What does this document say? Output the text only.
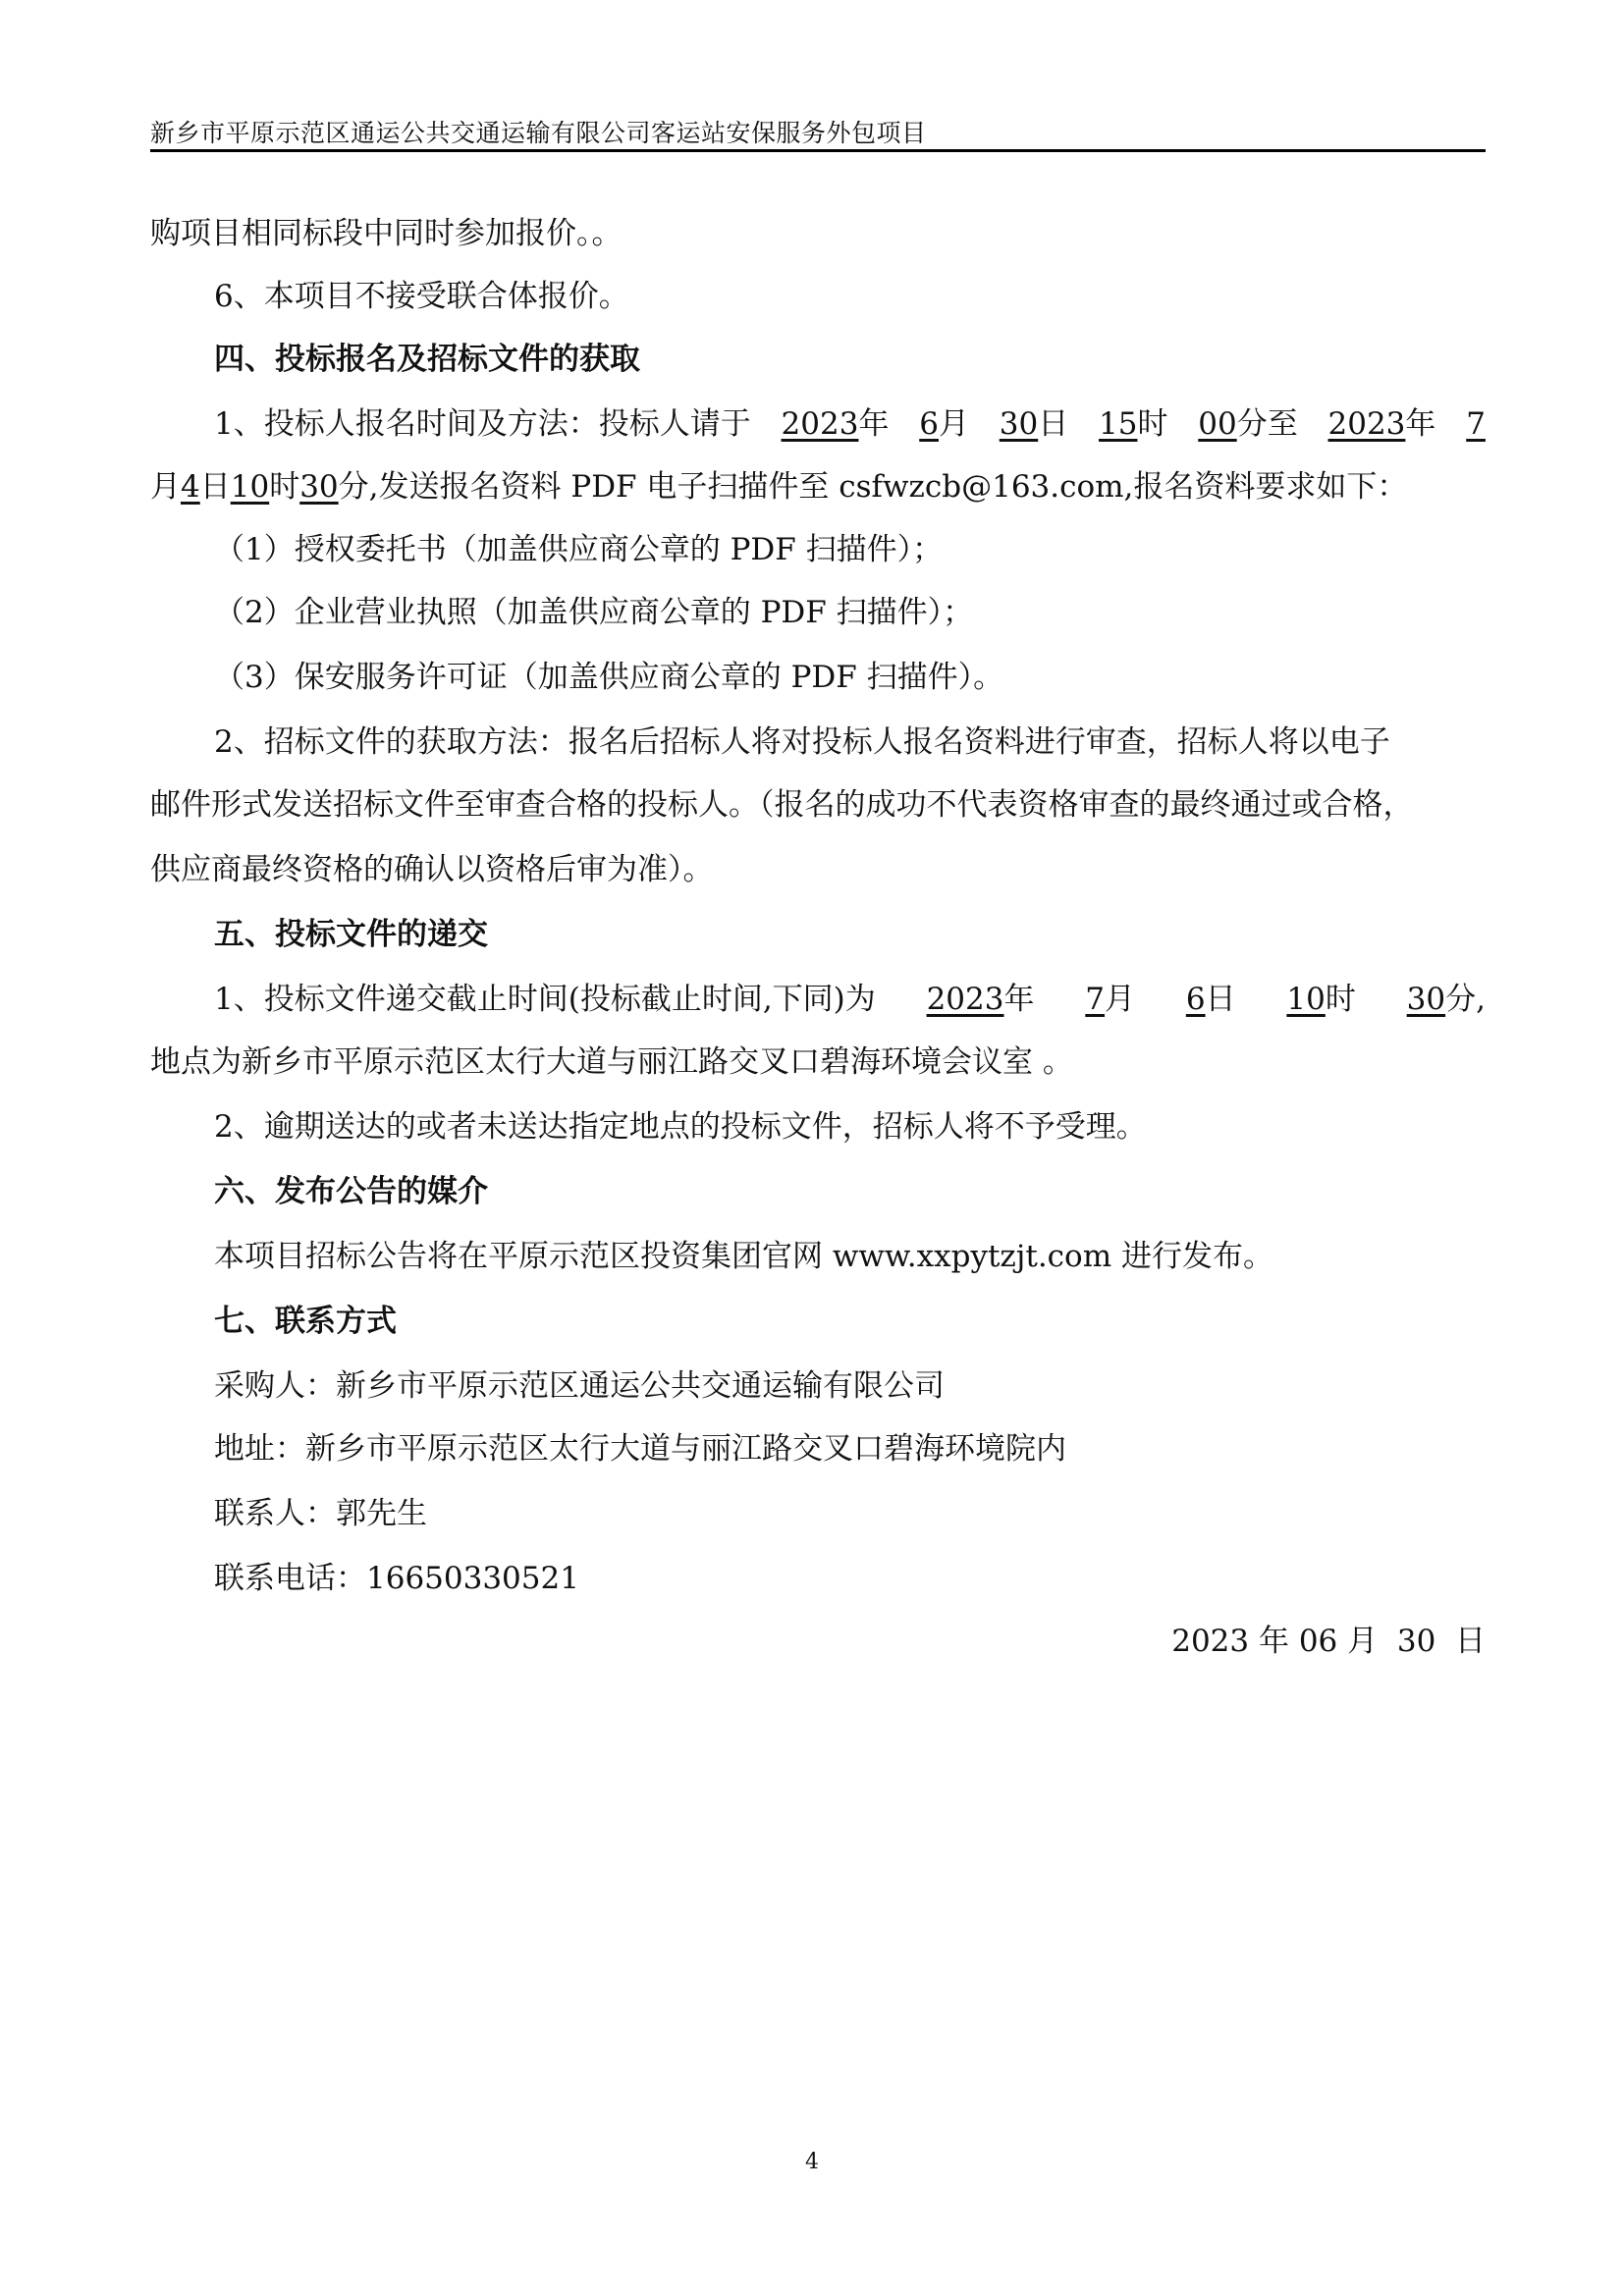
新乡市平原示范区通运公共交通运输有限公司客运站安保服务外包项目
购项目相同标段中同时参加报价。。
6、本项目不接受联合体报价。
四、投标报名及招标文件的获取
1、投标人报名时间及方法：投标人请于 2023年 6月 30日 15时 00分至 2023年 7
月4日10时30分,发送报名资料 PDF 电子扫描件至 csfwzcb@163.com,报名资料要求如下：
（1）授权委托书（加盖供应商公章的 PDF 扫描件）；
（2）企业营业执照（加盖供应商公章的 PDF 扫描件）；
（3）保安服务许可证（加盖供应商公章的 PDF 扫描件）。
2、招标文件的获取方法：报名后招标人将对投标人报名资料进行审查，招标人将以电子
邮件形式发送招标文件至审查合格的投标人。（报名的成功不代表资格审查的最终通过或合格，
供应商最终资格的确认以资格后审为准）。
五、投标文件的递交
1、投标文件递交截止时间(投标截止时间,下同)为 2023年 7月 6日 10时 30分,
地点为新乡市平原示范区太行大道与丽江路交叉口碧海环境会议室 。
2、逾期送达的或者未送达指定地点的投标文件，招标人将不予受理。
六、发布公告的媒介
本项目招标公告将在平原示范区投资集团官网 www.xxpytzjt.com 进行发布。
七、联系方式
采购人：新乡市平原示范区通运公共交通运输有限公司
地址：新乡市平原示范区太行大道与丽江路交叉口碧海环境院内
联系人：郭先生
联系电话：16650330521
2023 年 06 月  30  日
4
